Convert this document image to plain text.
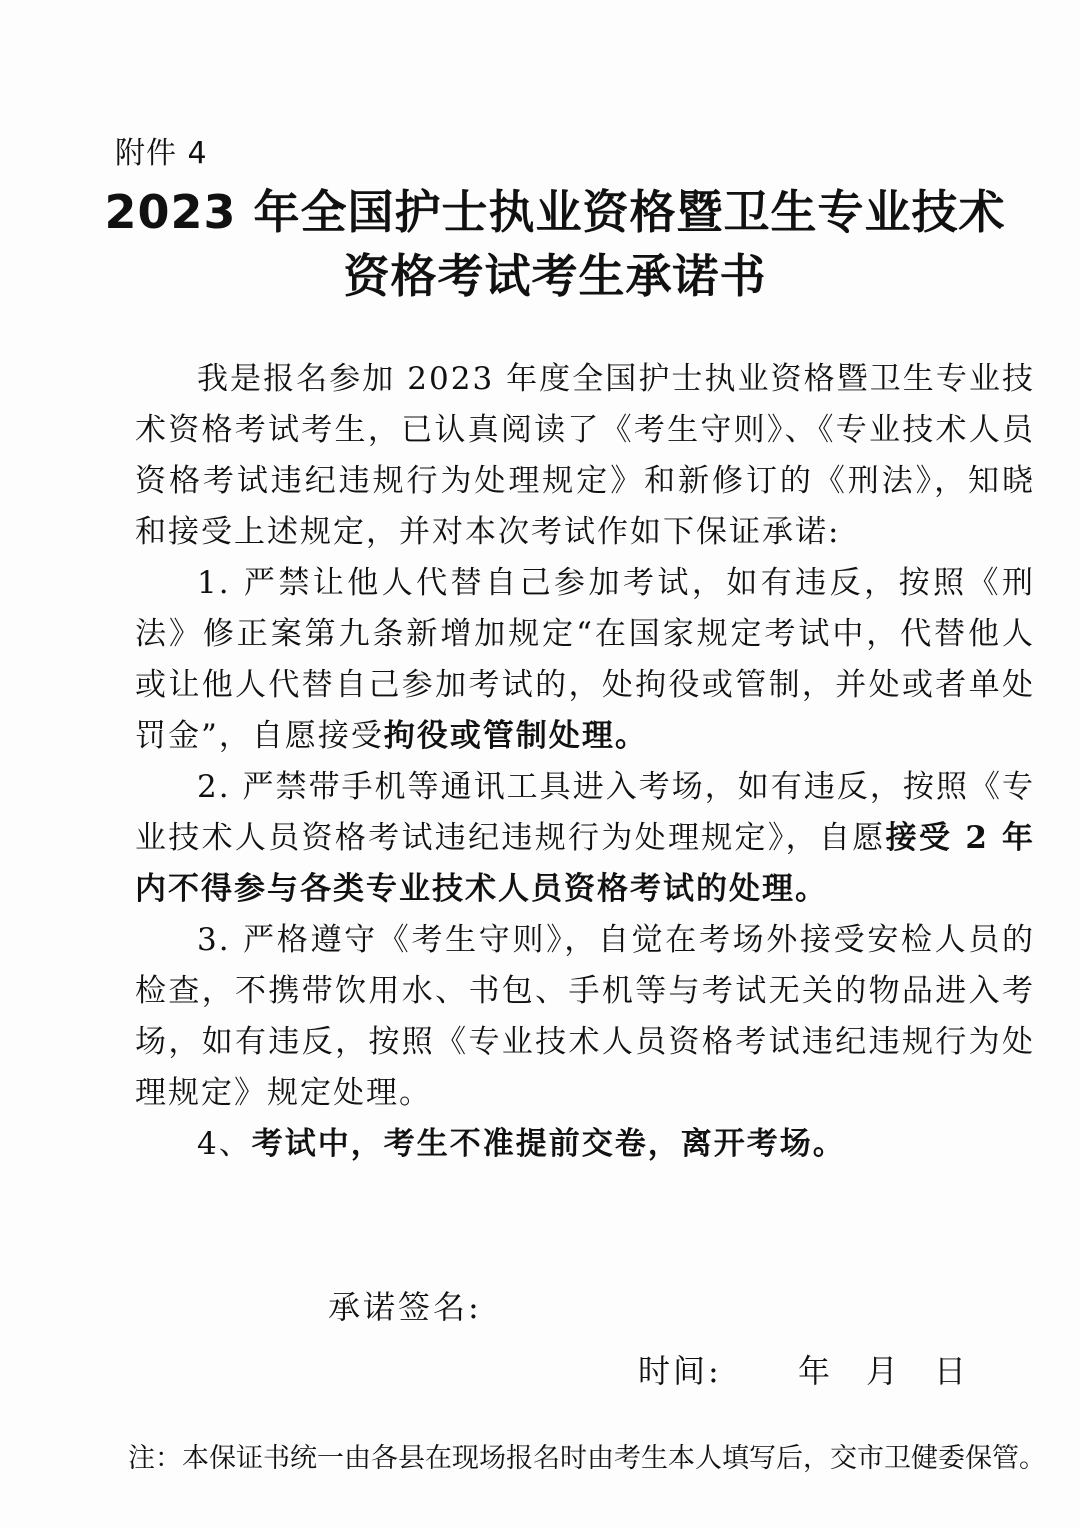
附件 4
2023 年全国护士执业资格暨卫生专业技术
资格考试考生承诺书

我是报名参加 2023 年度全国护士执业资格暨卫生专业技术资格考试考生，已认真阅读了《考生守则》、《专业技术人员资格考试违纪违规行为处理规定》和新修订的《刑法》，知晓和接受上述规定，并对本次考试作如下保证承诺:

1. 严禁让他人代替自己参加考试，如有违反，按照《刑法》修正案第九条新增加规定“在国家规定考试中，代替他人或让他人代替自己参加考试的，处拘役或管制，并处或者单处罚金”，自愿接受拘役或管制处理。

2. 严禁带手机等通讯工具进入考场，如有违反，按照《专业技术人员资格考试违纪违规行为处理规定》，自愿接受 2 年内不得参与各类专业技术人员资格考试的处理。

3. 严格遵守《考生守则》，自觉在考场外接受安检人员的检查，不携带饮用水、书包、手机等与考试无关的物品进入考场，如有违反，按照《专业技术人员资格考试违纪违规行为处理规定》规定处理。

4、考试中，考生不准提前交卷，离开考场。

承诺签名:
时间: 年 月 日
注：本保证书统一由各县在现场报名时由考生本人填写后，交市卫健委保管。
